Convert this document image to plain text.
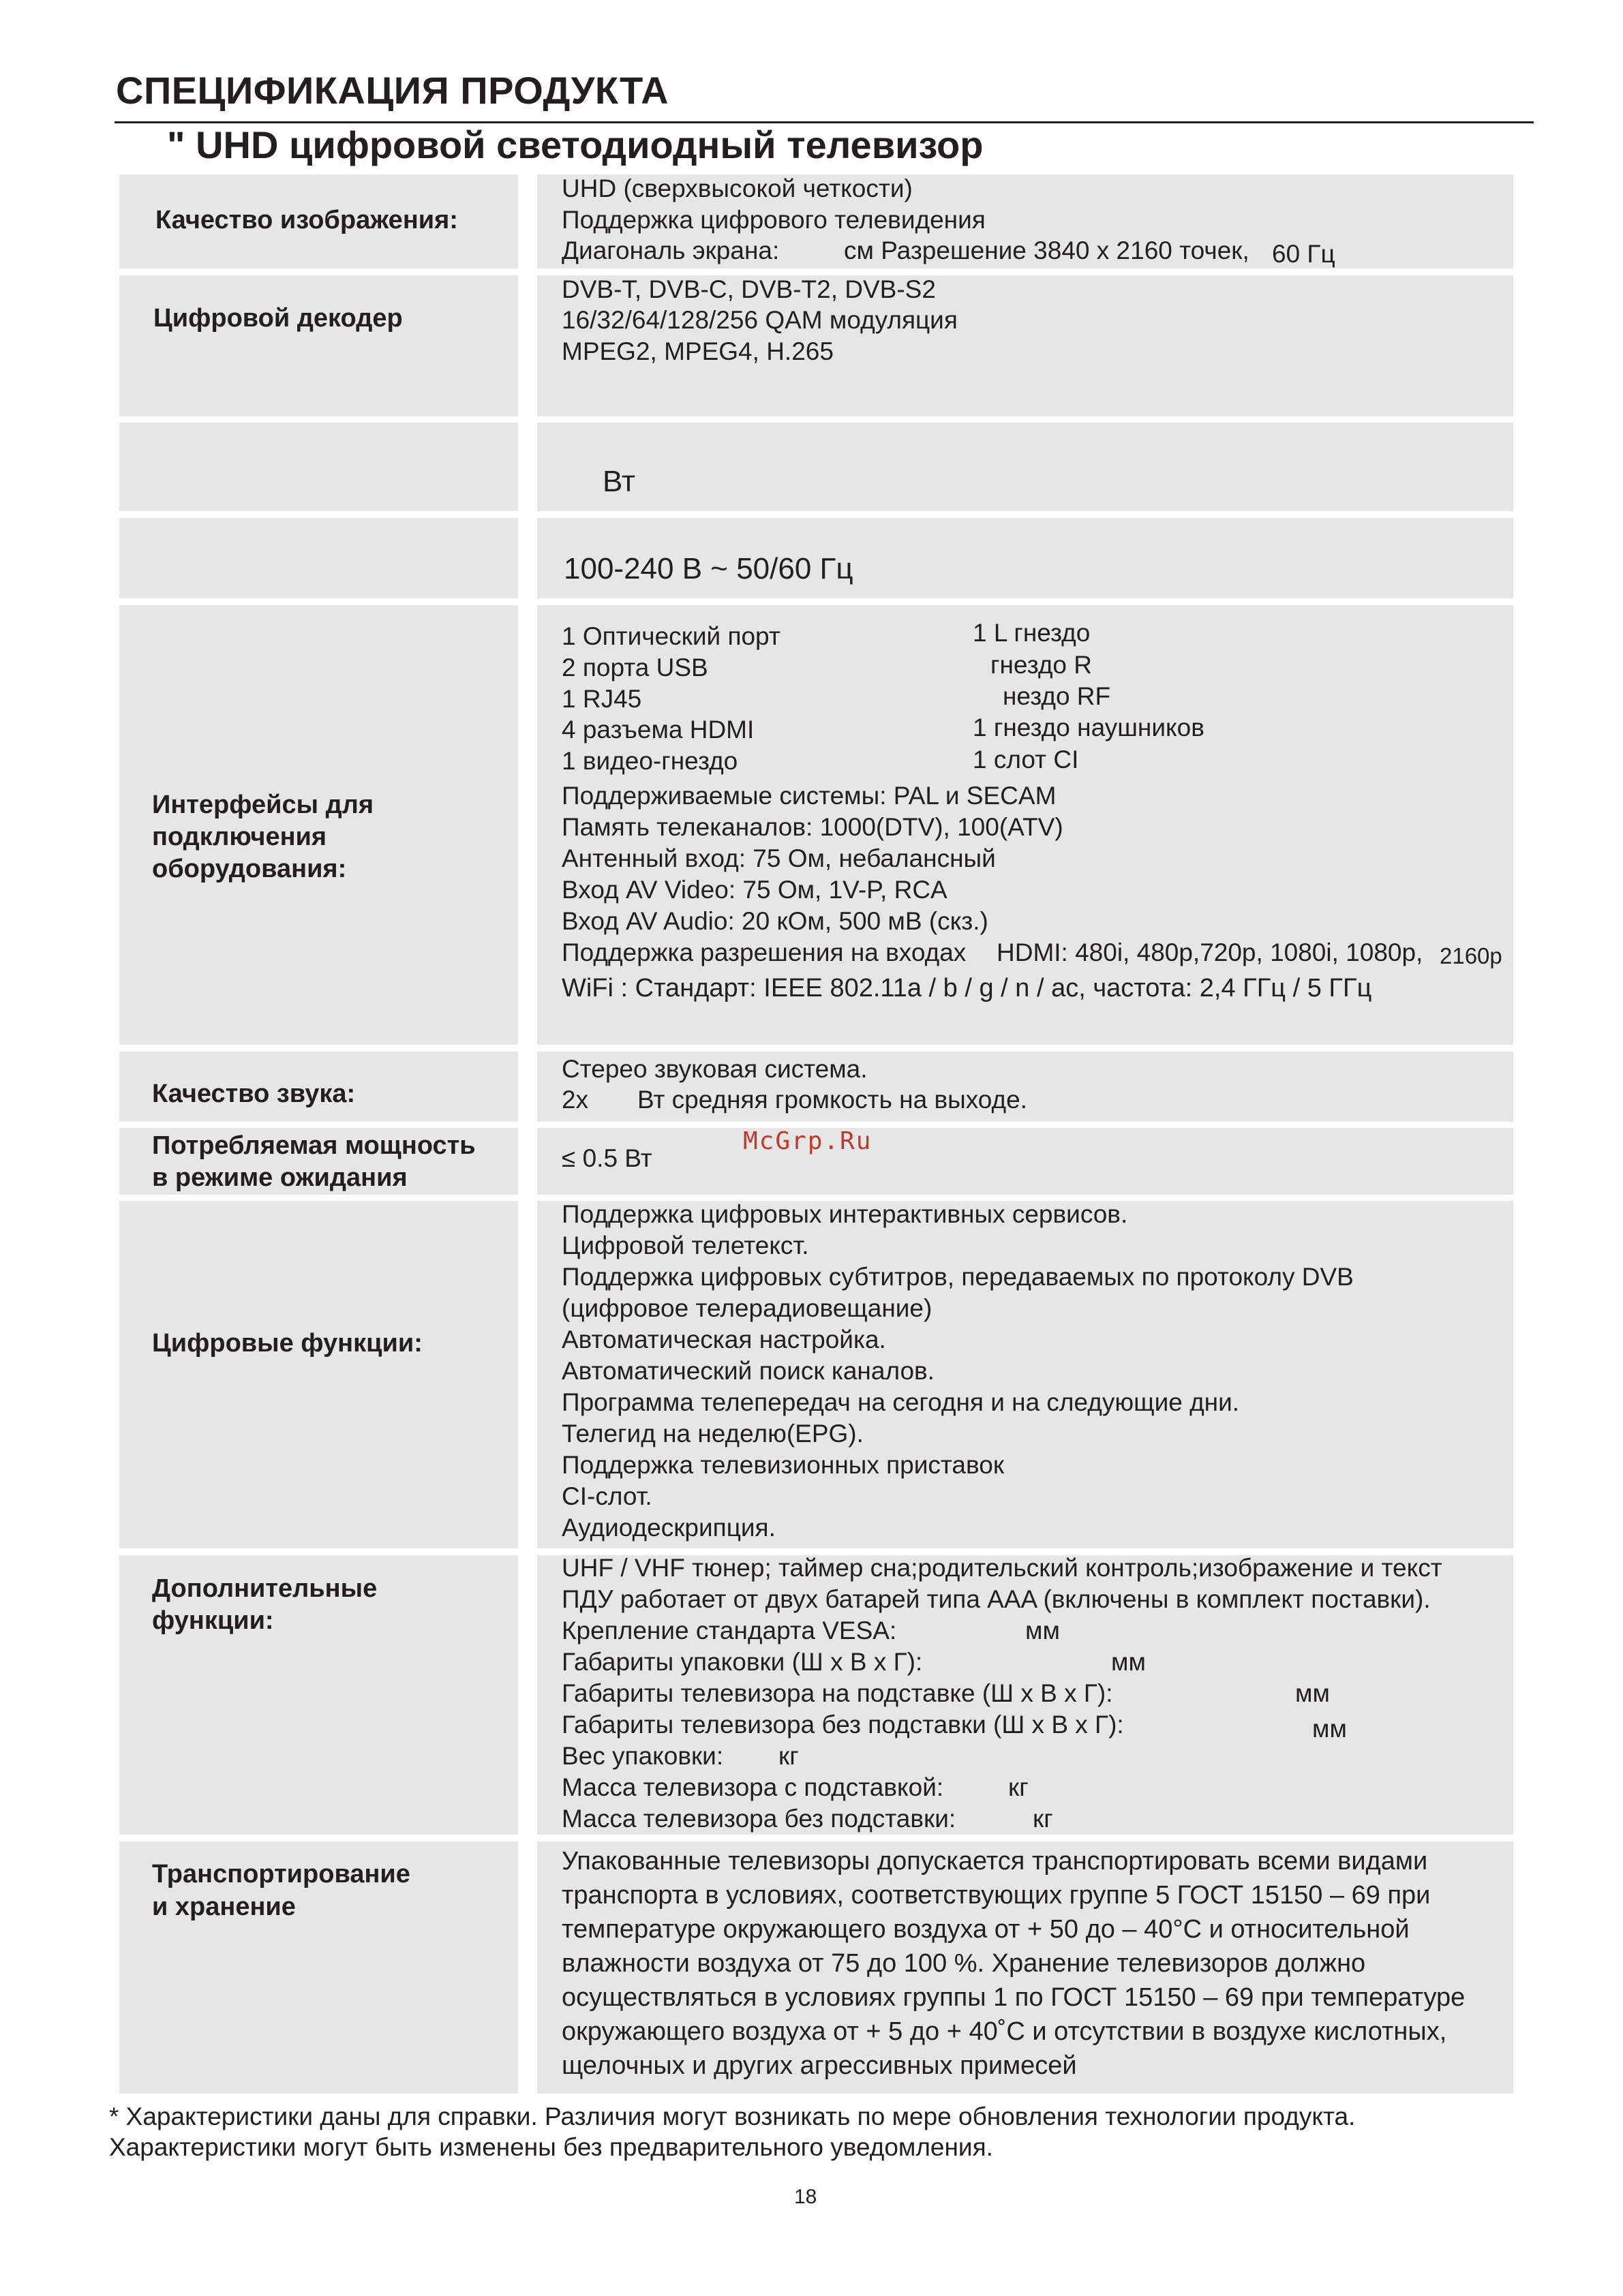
СПЕЦИФИКАЦИЯ ПРОДУКТА
" UHD цифровой светодиодный телевизор
Качество изображения:
UHD (сверхвысокой четкости)
Поддержка цифрового телевидения
Диагональ экрана:	см Разрешение 3840 x 2160 точек, 60 Гц
Цифровой декодер
DVB-T, DVB-C, DVB-T2, DVB-S2
16/32/64/128/256 QAM модуляция
MPEG2, MPEG4, H.265
Вт
100-240 В ~ 50/60 Гц
Интерфейсы для
подключения
оборудования:
1 Оптический порт
2 порта USB
1 RJ45
4 разъема HDMI
1 видео-гнездо
1 L гнездо
гнездо R
нездо RF
1 гнездо наушников
1 слот CI
Поддерживаемые системы: PAL и SECAM
Память телеканалов: 1000(DTV), 100(ATV)
Антенный вход: 75 Ом, небалансный
Вход AV Video: 75 Ом, 1V-P, RCA
Вход AV Audio: 20 кОм, 500 мВ (скз.)
Поддержка разрешения на входах HDMI: 480i, 480p,720p, 1080i, 1080p, 2160p
WiFi : Стандарт: IEEE 802.11a / b / g / n / ac, частота: 2,4 ГГц / 5 ГГц
Качество звука:
Стерео звуковая система.
2x Вт средняя громкость на выходе.
Потребляемая мощность
в режиме ожидания
≤ 0.5 Вт
McGrp.Ru
Цифровые функции:
Поддержка цифровых интерактивных сервисов.
Цифровой телетекст.
Поддержка цифровых субтитров, передаваемых по протоколу DVB
(цифровое телерадиовещание)
Автоматическая настройка.
Автоматический поиск каналов.
Программа телепередач на сегодня и на следующие дни.
Телегид на неделю(EPG).
Поддержка телевизионных приставок
CI-слот.
Аудиодескрипция.
Дополнительные
функции:
UHF / VHF тюнер; таймер сна;родительский контроль;изображение и текст
ПДУ работает от двух батарей типа AAA (включены в комплект поставки).
Крепление стандарта VESA:
Габариты упаковки (Ш x В x Г):
Габариты телевизора на подставке (Ш x В x Г):
Габариты телевизора без подставки (Ш x В x Г):
Вес упаковки:
Масса телевизора с подставкой:
Масса телевизора без подставки:
мм
мм
мм
мм
кг
кг
кг
Транспортирование
и хранение
Упакованные телевизоры допускается транспортировать всеми видами
транспорта в условиях, соответствующих группе 5 ГОСТ 15150 – 69 при
температуре окружающего воздуха от + 50 до – 40°С и относительной
влажности воздуха от 75 до 100 %. Хранение телевизоров должно
осуществляться в условиях группы 1 по ГОСТ 15150 – 69 при температуре
окружающего воздуха от + 5 до + 40˚С и отсутствии в воздухе кислотных,
щелочных и других агрессивных примесей
* Характеристики даны для справки. Различия могут возникать по мере обновления технологии продукта.
Характеристики могут быть изменены без предварительного уведомления.
18
